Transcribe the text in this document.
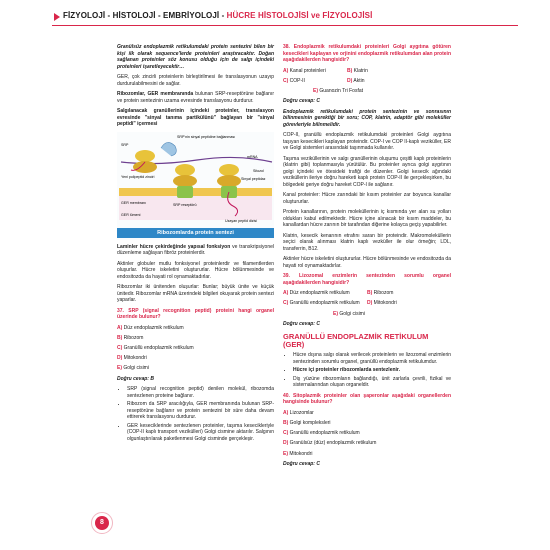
FİZYOLOJİ - HİSTOLOJİ - EMBRİYOLOJİ - HÜCRE HİSTOLOJİSİ ve FİZYOLOJİSİ

Granülsüz endoplazmik retikulumdaki protein sentezini bilen bir kişi ilk olarak sequence'lerde proteinleri araştıracaktır. Doğan sağlanan proteinler söz konusu olduğu için de salgı içindeki proteinleri işaretleyecektir…

GER, çok zincirli proteinlerin birleştirilmesi ile translasyonun uzayıp durdurulabilmesini de sağlar.

Ribozomlar, GER membranında bulunan SRP-reseptörüne bağlanır ve protein sentezinin uzama evresinde translasyonu durdurur.

Salgılanacak granüllerinin içindeki proteinler, translasyon evresinde "sinyal tanıma partikülünü" bağlayan bir "sinyal peptidi" içermesi

SRP'nin sinyal peptidine bağlanması
SRP
mRNA
Yeni polipeptid zinciri
GER membranı	SRP reseptörü
Sinyal peptidaz
Uzayan peptid dizisi
Sitozol
GER lümeni
Ribozomlarda protein sentezi

Laminler hücre çekirdeğinde yapısal fonksiyon ve transkripsiyonel düzenleme sağlayan fibröz proteinlerdir.

Aktinler globuler mutlu fonksiyonel proteinlerdir ve filamentlerden oluşurlar. Hücre iskeletini oluştururlar. Hücre bölünmesinde ve endositozda da hayati rol oynamaktadırlar.

Ribozomlar iki ünitenden oluşurlar: Bunlar; büyük ünite ve küçük ünitedir. Ribozomlar mRNA üzerindeki bilgileri okuyarak protein sentezi yaparlar.

37. SRP (signal recognition peptid) proteini hangi organel üzerinde bulunur?

A) Düz endoplazmik retikulum

B) Ribozom

C) Granüllü endoplazmik retikulum

D) Mitokondri

E) Golgi cisimi

Doğru cevap: B

• SRP (signal recognition peptid) denilen molekül, ribozomda sentezlenen proteine bağlanır.
• Ribozom da SRP aracılığıyla, GER membranında bulunan SRP-reseptörüne bağlanır ve protein sentezini bir süre daha devam ettirerek translasyonu durdurur.
• GER keseciklerinde sentezlenen proteinler, taşıma kesecikleriyle (COP-II kaplı transport vezikülleri) Golgi cismine aktarılır. Salgının olgunlaştırılarak paketlenmesi Golgi cisminde gerçekleşir.

38. Endoplazmik retikulumdaki proteinleri Golgi aygıtına götüren kesecikleri kaplayan ve orjinini endoplazmik retikulumdan alan protein aşağıdakilerden hangisidir?

A) Kanal proteinleri	B) Klatrin

C) COP-II	D) Aktin

E) Guanozin Tri Fosfat

Doğru cevap: C

Endoplazmik retikulumdaki protein sentezinin ve sonrasının bilinmesinin gerektiği bir soru; COP, klatrin, adaptör gibi moleküller görevleriyle bilinmelidir.

COP-II, granüllü endoplazmik retikulumdaki proteinleri Golgi aygıtına taşıyan kesecikleri kaplayan proteindir. COP-I ve COP II-kaplı veziküller, ER ve Golgi sistemleri arasındaki taşınmada kullanılır.

Taşıma veziküllerinin ve salgı granüllerinin oluşumu çeşitli kaplı proteinlerin (klatrin gibi) toplanmasıyla yürütülür. Bu proteinler ayrıca golgi aygıtının golgi içindeki ve ötesideki trafiği de düzenler. Golgi kesecik ağındaki veziküllerin ileriye doğru hareketi kaplı protein COP-II ile gerçekleşirken, bu bölgedeki geriye doğru hareket COP-I ile sağlanır.

Kanal proteinler: Hücre zarındaki bir kısım proteinler zar boyunca kanallar oluştururlar.

Protein kanallarının, protein moleküllerinin iç kısmında yer alan su yolları oldukları kabul edilmektedir. Hücre içine alınacak bir kısım maddeler, bu kanallardan hücre zarının bir tarafından diğerine kolayca geçiş yapabilirler.

Klatrin, kesecik kenarının etrafını saran bir proteindir. Makromoleküllerin seçici olarak alınması klatrin kaplı vezküller ile olur örneğin; LDL, transferrin, B12.

Aktinler hücre iskeletini oluştururlar. Hücre bölünmesinde ve endositozda da hayati rol oynamaktadırlar.

39. Lizozomal enzimlerin sentezinden sorumlu organel aşağıdakilerden hangisidir?

A) Düz endoplazmik retikulum	B) Ribozom

C) Granüllü endoplazmik retikulum D) Mitokondri

E) Golgi cisimi

Doğru cevap: C

GRANÜLLÜ ENDOPLAZMİK RETİKULUM (GER)
• Hücre dışına salgı olarak verilecek proteinlerin ve lizozomal enzimlerin sentezinden sorumlu organel, granüllü endoplazmik retikulumdur.
• Hücre içi proteinler ribozomlarda sentezlenir.
• Diş yüzüne ribozomların bağlandığı, ünit zarlarla çevrili, fizikal ve sisternalarından oluşan organeldir.

40. Sitoplazmik proteinler olan şaperonlar aşağıdaki organellerden hangisinde bulunur?

A) Lizozomlar

B) Golgi kompleksleri

C) Granüllü endoplazmik retikulum

D) Granülsüz (düz) endoplazmik retikulum

E) Mitokondri

Doğru cevap: C

8
